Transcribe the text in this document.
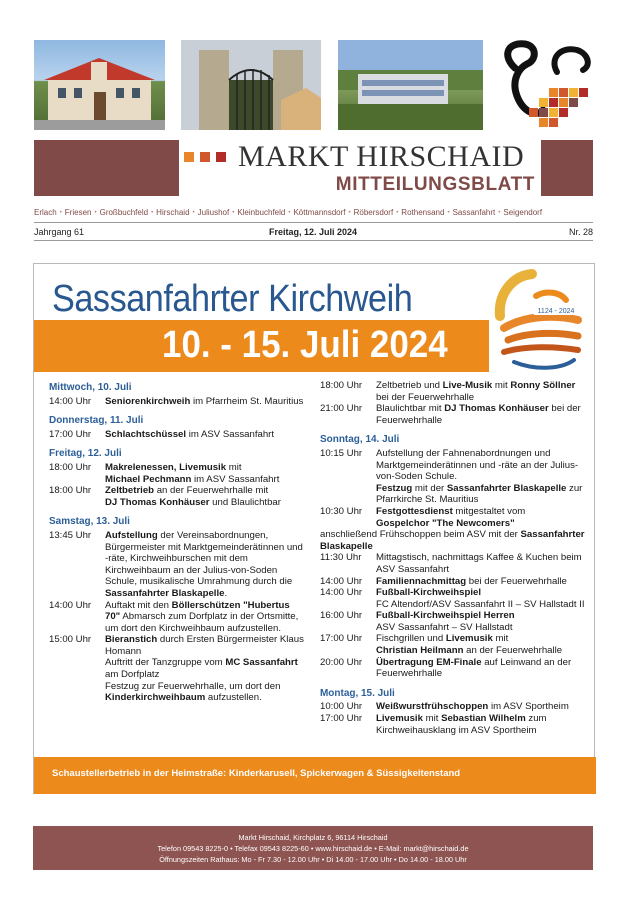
MARKT HIRSCHAID
MITTEILUNGSBLATT
Erlach • Friesen • Großbuchfeld • Hirschaid • Juliushof • Kleinbuchfeld • Köttmannsdorf • Röbersdorf • Rothensand • Sassanfahrt • Seigendorf
Jahrgang 61	Freitag, 12. Juli 2024	Nr. 28
Sassanfahrter Kirchweih
10. - 15. Juli 2024
1124 - 2024
Mittwoch, 10. Juli
14:00 Uhr	Seniorenkirchweih im Pfarrheim St. Mauritius
Donnerstag, 11. Juli
17:00 Uhr	Schlachtschüssel im ASV Sassanfahrt
Freitag, 12. Juli
18:00 Uhr	Makrelenessen, Livemusik mit
Michael Pechmann im ASV Sassanfahrt
18:00 Uhr	Zeltbetrieb an der Feuerwehrhalle mit
DJ Thomas Konhäuser und Blaulichtbar
Samstag, 13. Juli
13:45 Uhr	Aufstellung der Vereinsabordnungen, Bürgermeister mit Marktgemeinderätinnen und -räte, Kirchweihburschen mit dem Kirchweihbaum an der Julius-von-Soden Schule, musikalische Umrahmung durch die Sassanfahrter Blaskapelle.
14:00 Uhr	Auftakt mit den Böllerschützen "Hubertus 70" Abmarsch zum Dorfplatz in der Ortsmitte, um dort den Kirchweihbaum aufzustellen.
15:00 Uhr	Bieranstich durch Ersten Bürgermeister Klaus Homann
Auftritt der Tanzgruppe vom MC Sassanfahrt am Dorfplatz
Festzug zur Feuerwehrhalle, um dort den Kinderkirchweihbaum aufzustellen.
18:00 Uhr	Zeltbetrieb und Live-Musik mit Ronny Söllner bei der Feuerwehrhalle
21:00 Uhr	Blaulichtbar mit DJ Thomas Konhäuser bei der Feuerwehrhalle
Sonntag, 14. Juli
10:15 Uhr	Aufstellung der Fahnenabordnungen und Marktgemeinderätinnen und -räte an der Julius-von-Soden Schule.
Festzug mit der Sassanfahrter Blaskapelle zur Pfarrkirche St. Mauritius
10:30 Uhr	Festgottesdienst mitgestaltet vom
Gospelchor "The Newcomers"
anschließend Frühschoppen beim ASV mit der Sassanfahrter Blaskapelle
11:30 Uhr	Mittagstisch, nachmittags Kaffee & Kuchen beim ASV Sassanfahrt
14:00 Uhr	Familiennachmittag bei der Feuerwehrhalle
14:00 Uhr	Fußball-Kirchweihspiel
FC Altendorf/ASV Sassanfahrt II – SV Hallstadt II
16:00 Uhr	Fußball-Kirchweihspiel Herren
ASV Sassanfahrt – SV Hallstadt
17:00 Uhr	Fischgrillen und Livemusik mit
Christian Heilmann an der Feuerwehrhalle
20:00 Uhr	Übertragung EM-Finale auf Leinwand an der Feuerwehrhalle
Montag, 15. Juli
10:00 Uhr	Weißwurstfrühschoppen im ASV Sportheim
17:00 Uhr	Livemusik mit Sebastian Wilhelm zum Kirchweihausklang im ASV Sportheim
Schaustellerbetrieb in der Heimstraße: Kinderkarusell, Spickerwagen & Süssigkeitenstand
Markt Hirschaid, Kirchplatz 6, 96114 Hirschaid
Telefon 09543 8225-0 • Telefax 09543 8225-60 • www.hirschaid.de • E-Mail: markt@hirschaid.de
Öffnungszeiten Rathaus: Mo - Fr 7.30 - 12.00 Uhr • Di 14.00 - 17.00 Uhr • Do 14.00 - 18.00 Uhr
